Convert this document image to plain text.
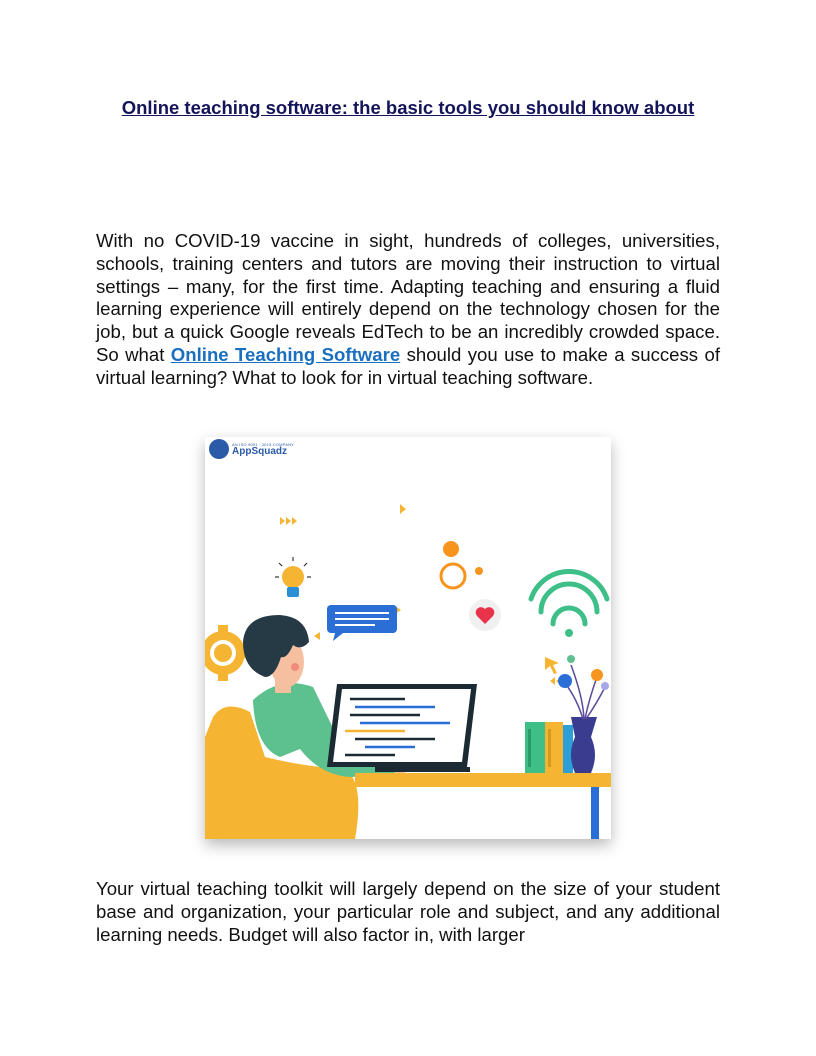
Online teaching software: the basic tools you should know about
With no COVID-19 vaccine in sight, hundreds of colleges, universities, schools, training centers and tutors are moving their instruction to virtual settings – many, for the first time. Adapting teaching and ensuring a fluid learning experience will entirely depend on the technology chosen for the job, but a quick Google reveals EdTech to be an incredibly crowded space. So what Online Teaching Software should you use to make a success of virtual learning? What to look for in virtual teaching software.
AN ISO 9001 : 2015 COMPANY
AppSquadz
Your virtual teaching toolkit will largely depend on the size of your student base and organization, your particular role and subject, and any additional learning needs. Budget will also factor in, with larger
